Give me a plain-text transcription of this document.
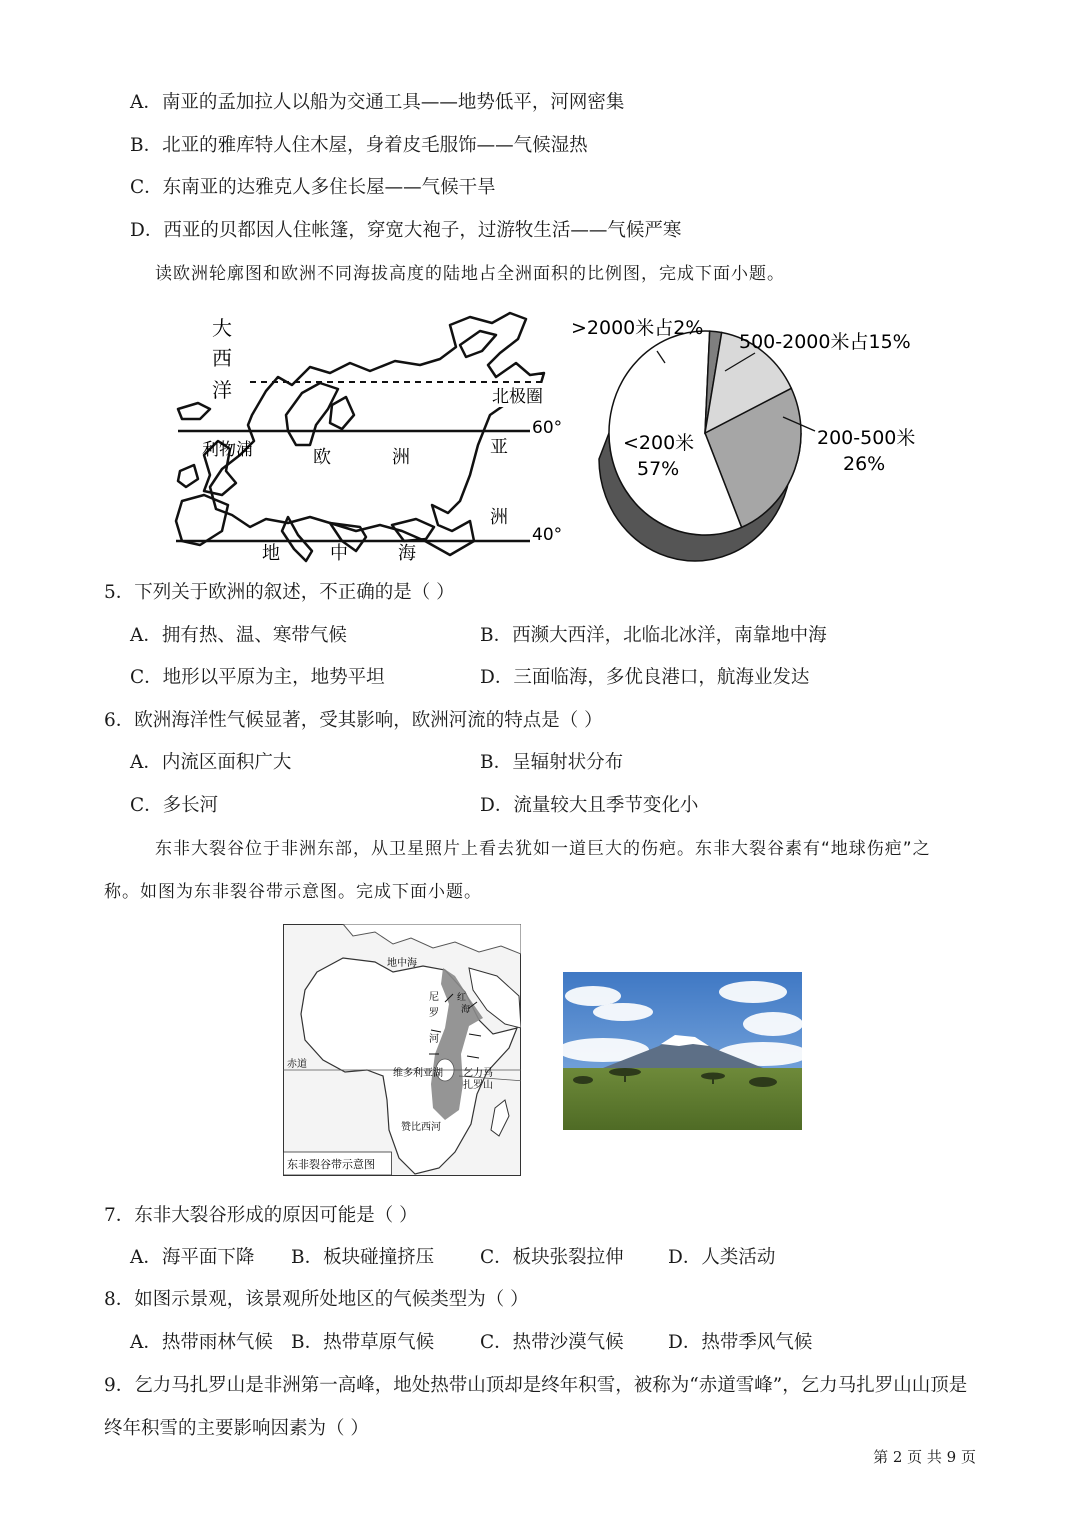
A．南亚的孟加拉人以船为交通工具——地势低平，河网密集
B．北亚的雅库特人住木屋，身着皮毛服饰——气候湿热
C．东南亚的达雅克人多住长屋——气候干旱
D．西亚的贝都因人住帐篷，穿宽大袍子，过游牧生活——气候严寒
读欧洲轮廓图和欧洲不同海拔高度的陆地占全洲面积的比例图，完成下面小题。
大
西
洋	北极圈
60°
40°
利物浦	欧	洲	亚
洲
地	中	海
<200米
57%
200-500米
26%
500-2000米占15%
>2000米占2%
5．下列关于欧洲的叙述，不正确的是（ ）
A．拥有热、温、寒带气候	B．西濒大西洋，北临北冰洋，南靠地中海
C．地形以平原为主，地势平坦	D．三面临海，多优良港口，航海业发达
6．欧洲海洋性气候显著，受其影响，欧洲河流的特点是（ ）
A．内流区面积广大	B．呈辐射状分布
C．多长河	D．流量较大且季节变化小
东非大裂谷位于非洲东部，从卫星照片上看去犹如一道巨大的伤疤。东非大裂谷素有“地球伤疤”之
称。如图为东非裂谷带示意图。完成下面小题。
地中海
赤道
尼
罗
河
红
海
维多利亚湖 乞力马
扎罗山
赞比西河
东非裂谷带示意图
7．东非大裂谷形成的原因可能是（ ）
A．海平面下降 B．板块碰撞挤压 C．板块张裂拉伸 D．人类活动
8．如图示景观，该景观所处地区的气候类型为（ ）
A．热带雨林气候 B．热带草原气候 C．热带沙漠气候 D．热带季风气候
9．乞力马扎罗山是非洲第一高峰，地处热带山顶却是终年积雪，被称为“赤道雪峰”，乞力马扎罗山山顶是
终年积雪的主要影响因素为（ ）
第 2 页 共 9 页
